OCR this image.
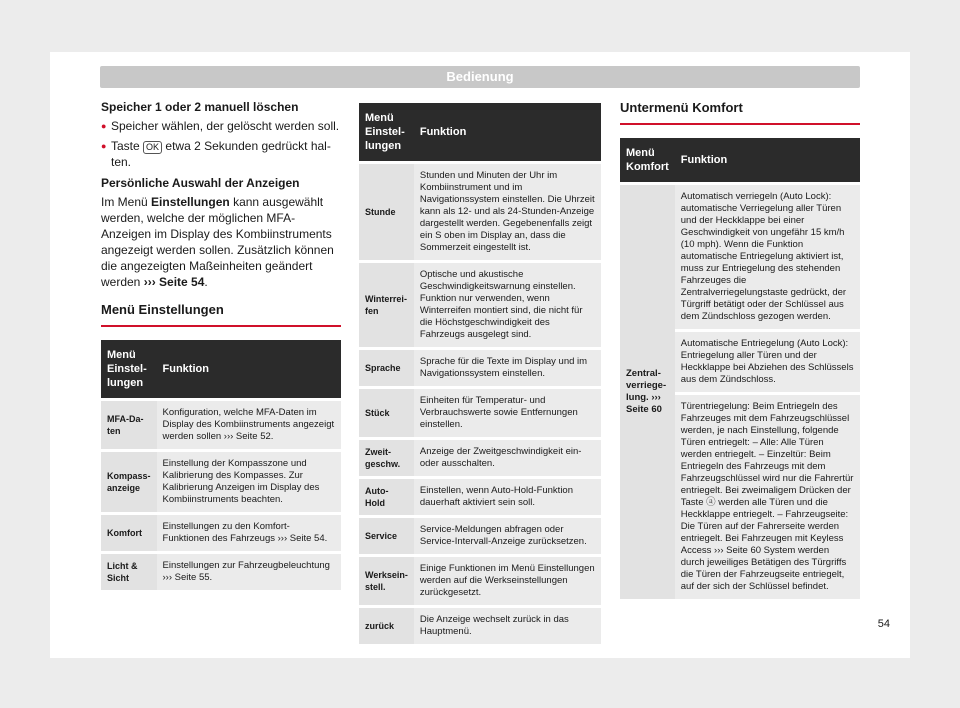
Bedienung
Speicher 1 oder 2 manuell löschen

● Speicher wählen, der gelöscht werden soll.

● Taste OK etwa 2 Sekunden gedrückt halten.

Persönliche Auswahl der Anzeigen

Im Menü Einstellungen kann ausgewählt werden, welche der möglichen MFA-Anzeigen im Display des Kombiinstruments angezeigt werden sollen. Zusätzlich können die angezeigten Maßeinheiten geändert werden ››› Seite 54.

Menü Einstellungen
Menü Einstellungen	Funktion
MFA-Daten	Konfiguration, welche MFA-Daten im Display des Kombiinstruments angezeigt werden sollen ››› Seite 52.
Kompassanzeige	Einstellung der Kompasszone und Kalibrierung des Kompasses. Zur Kalibrierung Anzeigen im Display des Kombiinstruments beachten.
Komfort	Einstellungen zu den Komfort-Funktionen des Fahrzeugs ››› Seite 54.
Licht & Sicht	Einstellungen zur Fahrzeugbeleuchtung ››› Seite 55.
Menü Einstellungen	Funktion
Stunde	Stunden und Minuten der Uhr im Kombiinstrument und im Navigationssystem einstellen. Die Uhrzeit kann als 12- und als 24-Stunden-Anzeige dargestellt werden. Gegebenenfalls zeigt ein S oben im Display an, dass die Sommerzeit eingestellt ist.
Winterreifen	Optische und akustische Geschwindigkeitswarnung einstellen. Funktion nur verwenden, wenn Winterreifen montiert sind, die nicht für die Höchstgeschwindigkeit des Fahrzeugs ausgelegt sind.
Sprache	Sprache für die Texte im Display und im Navigationssystem einstellen.
Stück	Einheiten für Temperatur- und Verbrauchswerte sowie Entfernungen einstellen.
Zweitgeschw.	Anzeige der Zweitgeschwindigkeit ein- oder ausschalten.
Auto-Hold	Einstellen, wenn Auto-Hold-Funktion dauerhaft aktiviert sein soll.
Service	Service-Meldungen abfragen oder Service-Intervall-Anzeige zurücksetzen.
Werkseinstell.	Einige Funktionen im Menü Einstellungen werden auf die Werkseinstellungen zurückgesetzt.
zurück	Die Anzeige wechselt zurück in das Hauptmenü.
Untermenü Komfort
Menü Komfort	Funktion
Zentralverriegelung. ››› Seite 60	Automatisch verriegeln (Auto Lock): automatische Verriegelung aller Türen und der Heckklappe bei einer Geschwindigkeit von ungefähr 15 km/h (10 mph). Wenn die Funktion automatische Entriegelung aktiviert ist, muss zur Entriegelung des stehenden Fahrzeuges die Zentralverriegelungstaste gedrückt, der Türgriff betätigt oder der Schlüssel aus dem Zündschloss gezogen werden.
	Automatische Entriegelung (Auto Lock): Entriegelung aller Türen und der Heckklappe bei Abziehen des Schlüssels aus dem Zündschloss.
	Türentriegelung: Beim Entriegeln des Fahrzeuges mit dem Fahrzeugschlüssel werden, je nach Einstellung, folgende Türen entriegelt: – Alle: Alle Türen werden entriegelt. – Einzeltür: Beim Entriegeln des Fahrzeugs mit dem Fahrzeugschlüssel wird nur die Fahrertür entriegelt. Bei zweimaligem Drücken der Taste ⓐ werden alle Türen und die Heckklappe entriegelt. – Fahrzeugseite: Die Türen auf der Fahrerseite werden entriegelt. Bei Fahrzeugen mit Keyless Access ››› Seite 60 System werden durch jeweiliges Betätigen des Türgriffs die Türen der Fahrzeugseite entriegelt, auf der sich der Schlüssel befindet.
54
